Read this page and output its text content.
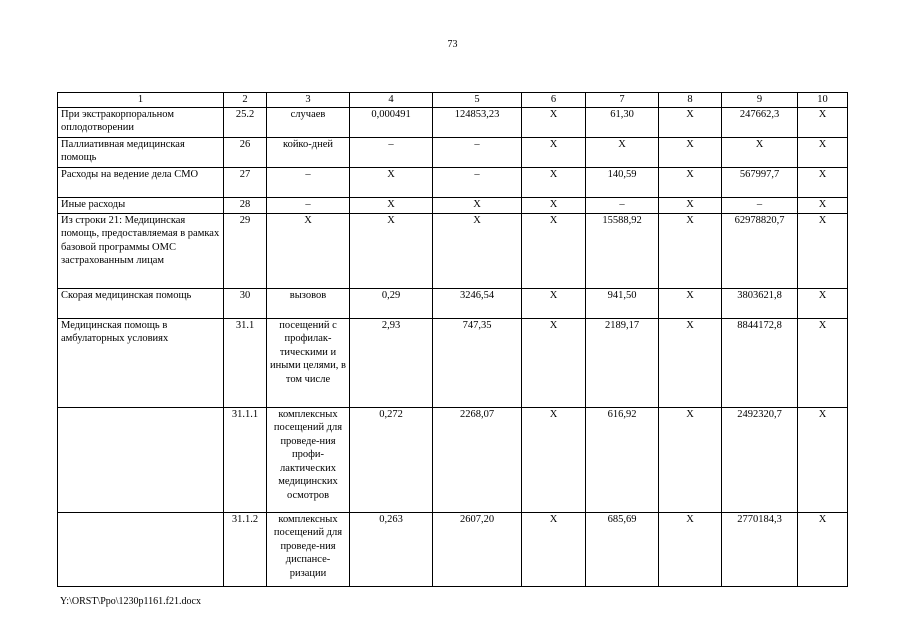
73
1	2	3	4	5	6	7	8	9	10
При экстракорпоральном оплодотворении	25.2	случаев	0,000491	124853,23	Х	61,30	Х	247662,3	Х
Паллиативная медицинская помощь	26	койко-дней	–	–	Х	Х	Х	Х	Х
Расходы на ведение дела СМО	27	–	Х	–	Х	140,59	Х	567997,7	Х
Иные расходы	28	–	Х	Х	Х	–	Х	–	Х
Из строки 21: Медицинская помощь, предоставляемая в рамках базовой программы ОМС застрахованным лицам	29	Х	Х	Х	Х	15588,92	Х	62978820,7	Х
Скорая медицинская помощь	30	вызовов	0,29	3246,54	Х	941,50	Х	3803621,8	Х
Медицинская помощь в амбулаторных условиях	31.1	посещений с профилак-тическими и иными целями, в том числе	2,93	747,35	Х	2189,17	Х	8844172,8	Х
	31.1.1	комплексных посещений для проведе-ния профи-лактических медицинских осмотров	0,272	2268,07	Х	616,92	Х	2492320,7	Х
	31.1.2	комплексных посещений для проведе-ния диспансе-ризации	0,263	2607,20	Х	685,69	Х	2770184,3	Х
Y:\ORST\Ppo\1230p1161.f21.docx
